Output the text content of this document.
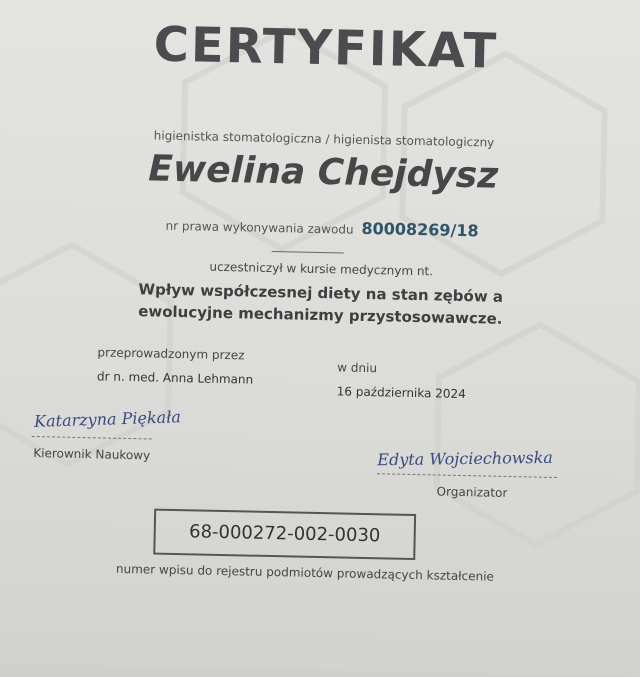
CERTYFIKAT
higienistka stomatologiczna / higienista stomatologiczny
Ewelina Chejdysz
nr prawa wykonywania zawodu 80008269/18
uczestniczył w kursie medycznym nt.
Wpływ współczesnej diety na stan zębów a ewolucyjne mechanizmy przystosowawcze.
przeprowadzonym przez
dr n. med. Anna Lehmann
w dniu
16 października 2024
Katarzyna Piękała
Kierownik Naukowy	Edyta Wojciechowska
Organizator
68-000272-002-0030
numer wpisu do rejestru podmiotów prowadzących kształcenie
